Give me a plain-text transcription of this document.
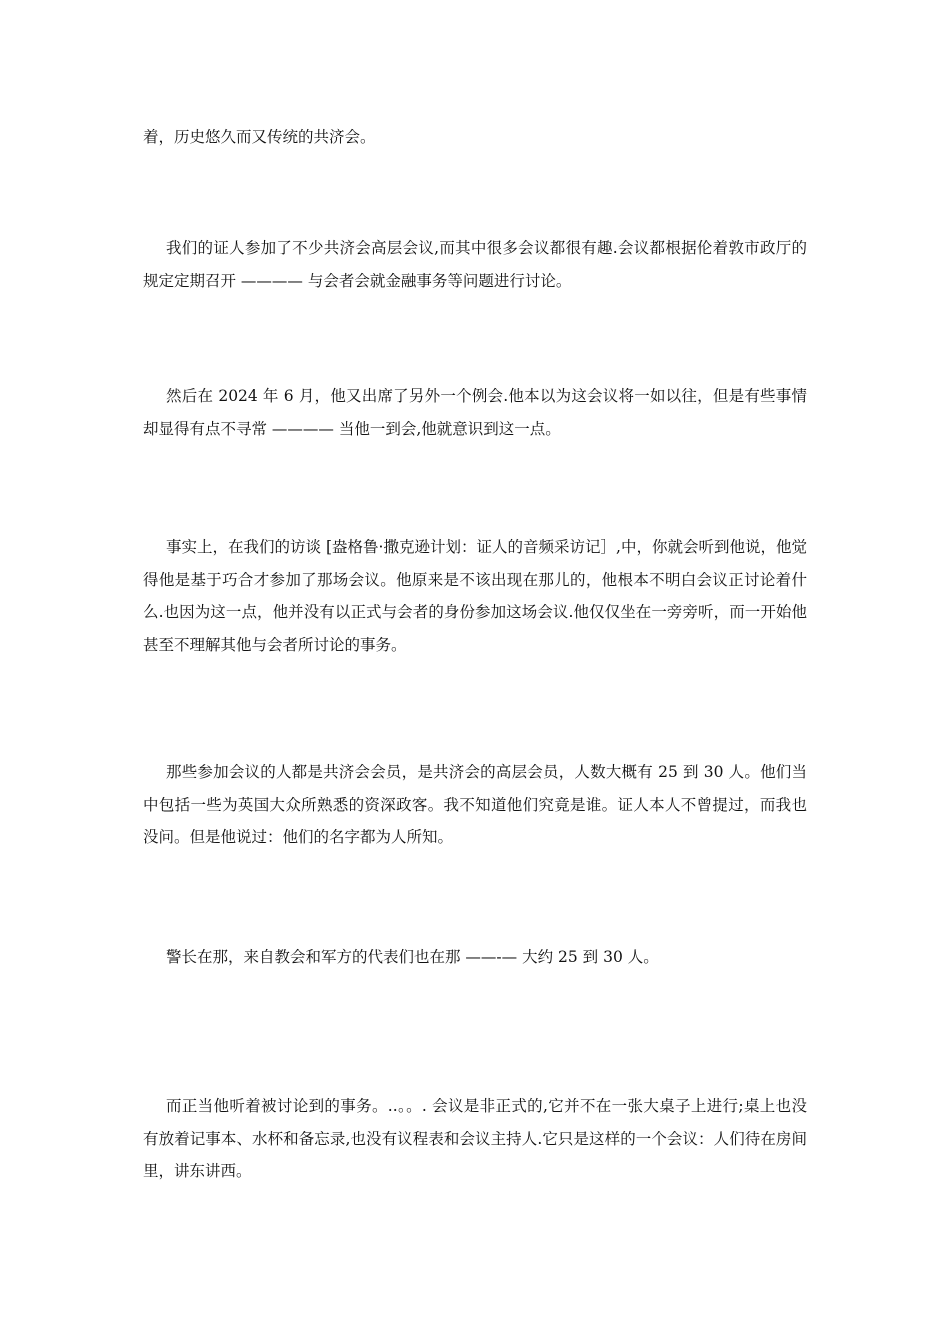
着，历史悠久而又传统的共济会。

我们的证人参加了不少共济会高层会议,而其中很多会议都很有趣.会议都根据伦着敦市政厅的规定定期召开 ———— 与会者会就金融事务等问题进行讨论。

然后在 2024 年 6 月，他又出席了另外一个例会.他本以为这会议将一如以往，但是有些事情却显得有点不寻常 ———— 当他一到会,他就意识到这一点。

事实上，在我们的访谈 [盎格鲁·撒克逊计划：证人的音频采访记］,中，你就会听到他说，他觉得他是基于巧合才参加了那场会议。他原来是不该出现在那儿的，他根本不明白会议正讨论着什么.也因为这一点，他并没有以正式与会者的身份参加这场会议.他仅仅坐在一旁旁听，而一开始他甚至不理解其他与会者所讨论的事务。

那些参加会议的人都是共济会会员，是共济会的高层会员，人数大概有 25 到 30 人。他们当中包括一些为英国大众所熟悉的资深政客。我不知道他们究竟是谁。证人本人不曾提过，而我也没问。但是他说过：他们的名字都为人所知。

警长在那，来自教会和军方的代表们也在那 ——-— 大约 25 到 30 人。

而正当他听着被讨论到的事务。..。。. 会议是非正式的,它并不在一张大桌子上进行;桌上也没有放着记事本、水杯和备忘录,也没有议程表和会议主持人.它只是这样的一个会议：人们待在房间里，讲东讲西。
